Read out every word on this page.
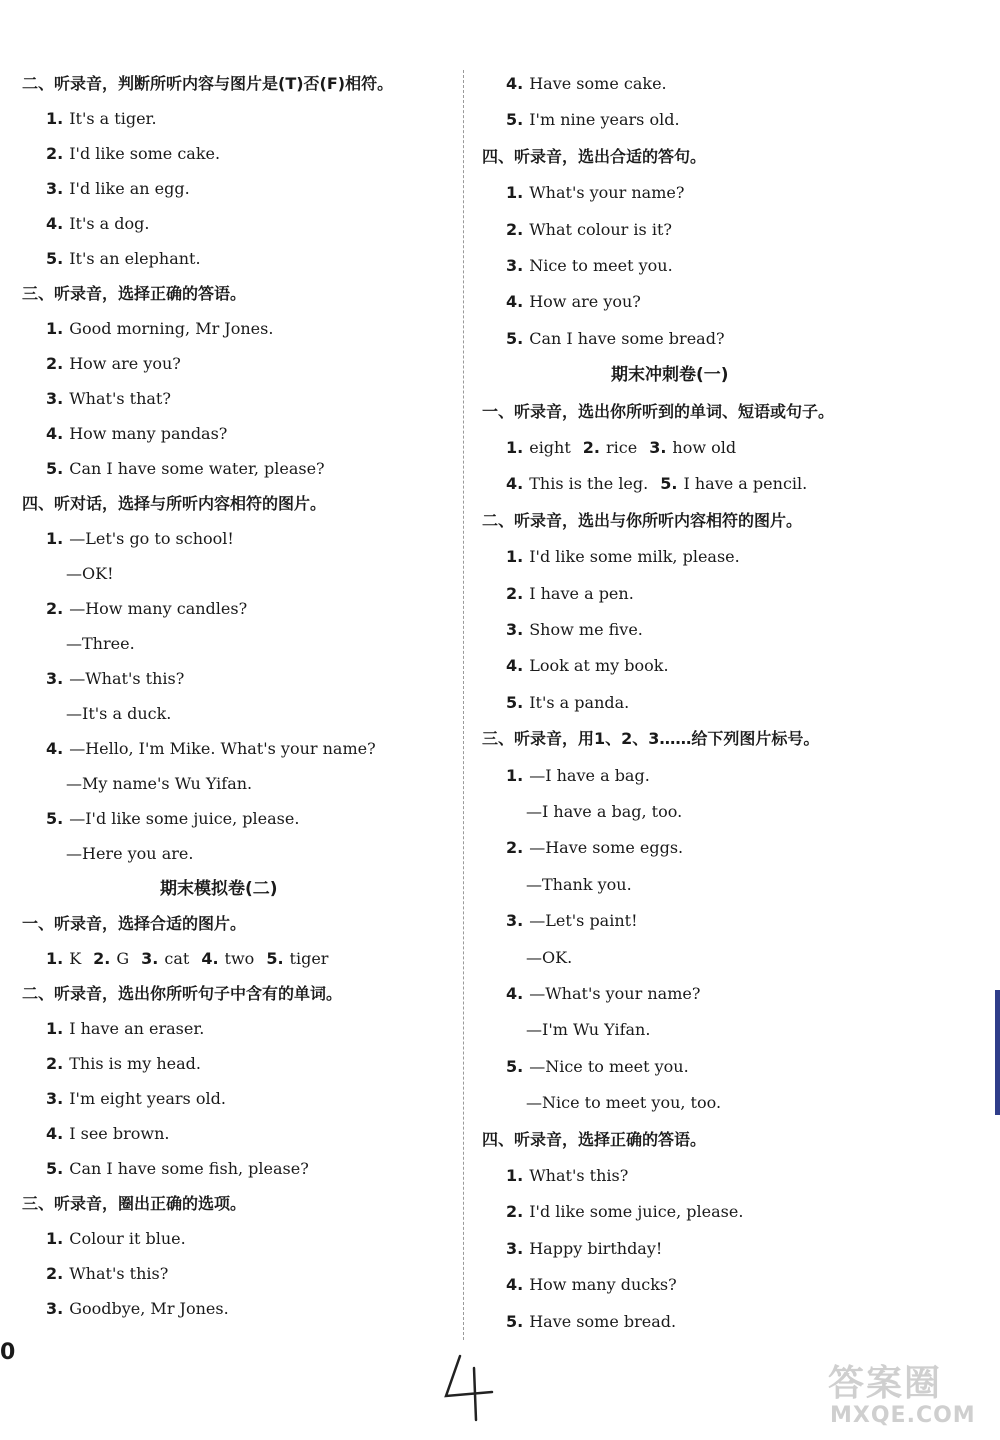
二、听录音，判断所听内容与图片是(T)否(F)相符。
1. It's a tiger.
2. I'd like some cake.
3. I'd like an egg.
4. It's a dog.
5. It's an elephant.
三、听录音，选择正确的答语。
1. Good morning, Mr Jones.
2. How are you?
3. What's that?
4. How many pandas?
5. Can I have some water, please?
四、听对话，选择与所听内容相符的图片。
1. —Let's go to school!
—OK!
2. —How many candles?
—Three.
3. —What's this?
—It's a duck.
4. —Hello, I'm Mike. What's your name?
—My name's Wu Yifan.
5. —I'd like some juice, please.
—Here you are.
期末模拟卷(二)
一、听录音，选择合适的图片。
1. K 2. G 3. cat 4. two 5. tiger
二、听录音，选出你所听句子中含有的单词。
1. I have an eraser.
2. This is my head.
3. I'm eight years old.
4. I see brown.
5. Can I have some fish, please?
三、听录音，圈出正确的选项。
1. Colour it blue.
2. What's this?
3. Goodbye, Mr Jones.
4. Have some cake.
5. I'm nine years old.
四、听录音，选出合适的答句。
1. What's your name?
2. What colour is it?
3. Nice to meet you.
4. How are you?
5. Can I have some bread?
期末冲刺卷(一)
一、听录音，选出你所听到的单词、短语或句子。
1. eight 2. rice 3. how old
4. This is the leg. 5. I have a pencil.
二、听录音，选出与你所听内容相符的图片。
1. I'd like some milk, please.
2. I have a pen.
3. Show me five.
4. Look at my book.
5. It's a panda.
三、听录音，用1、2、3……给下列图片标号。
1. —I have a bag.
—I have a bag, too.
2. —Have some eggs.
—Thank you.
3. —Let's paint!
—OK.
4. —What's your name?
—I'm Wu Yifan.
5. —Nice to meet you.
—Nice to meet you, too.
四、听录音，选择正确的答语。
1. What's this?
2. I'd like some juice, please.
3. Happy birthday!
4. How many ducks?
5. Have some bread.
0
答案圈
MXQE.COM
